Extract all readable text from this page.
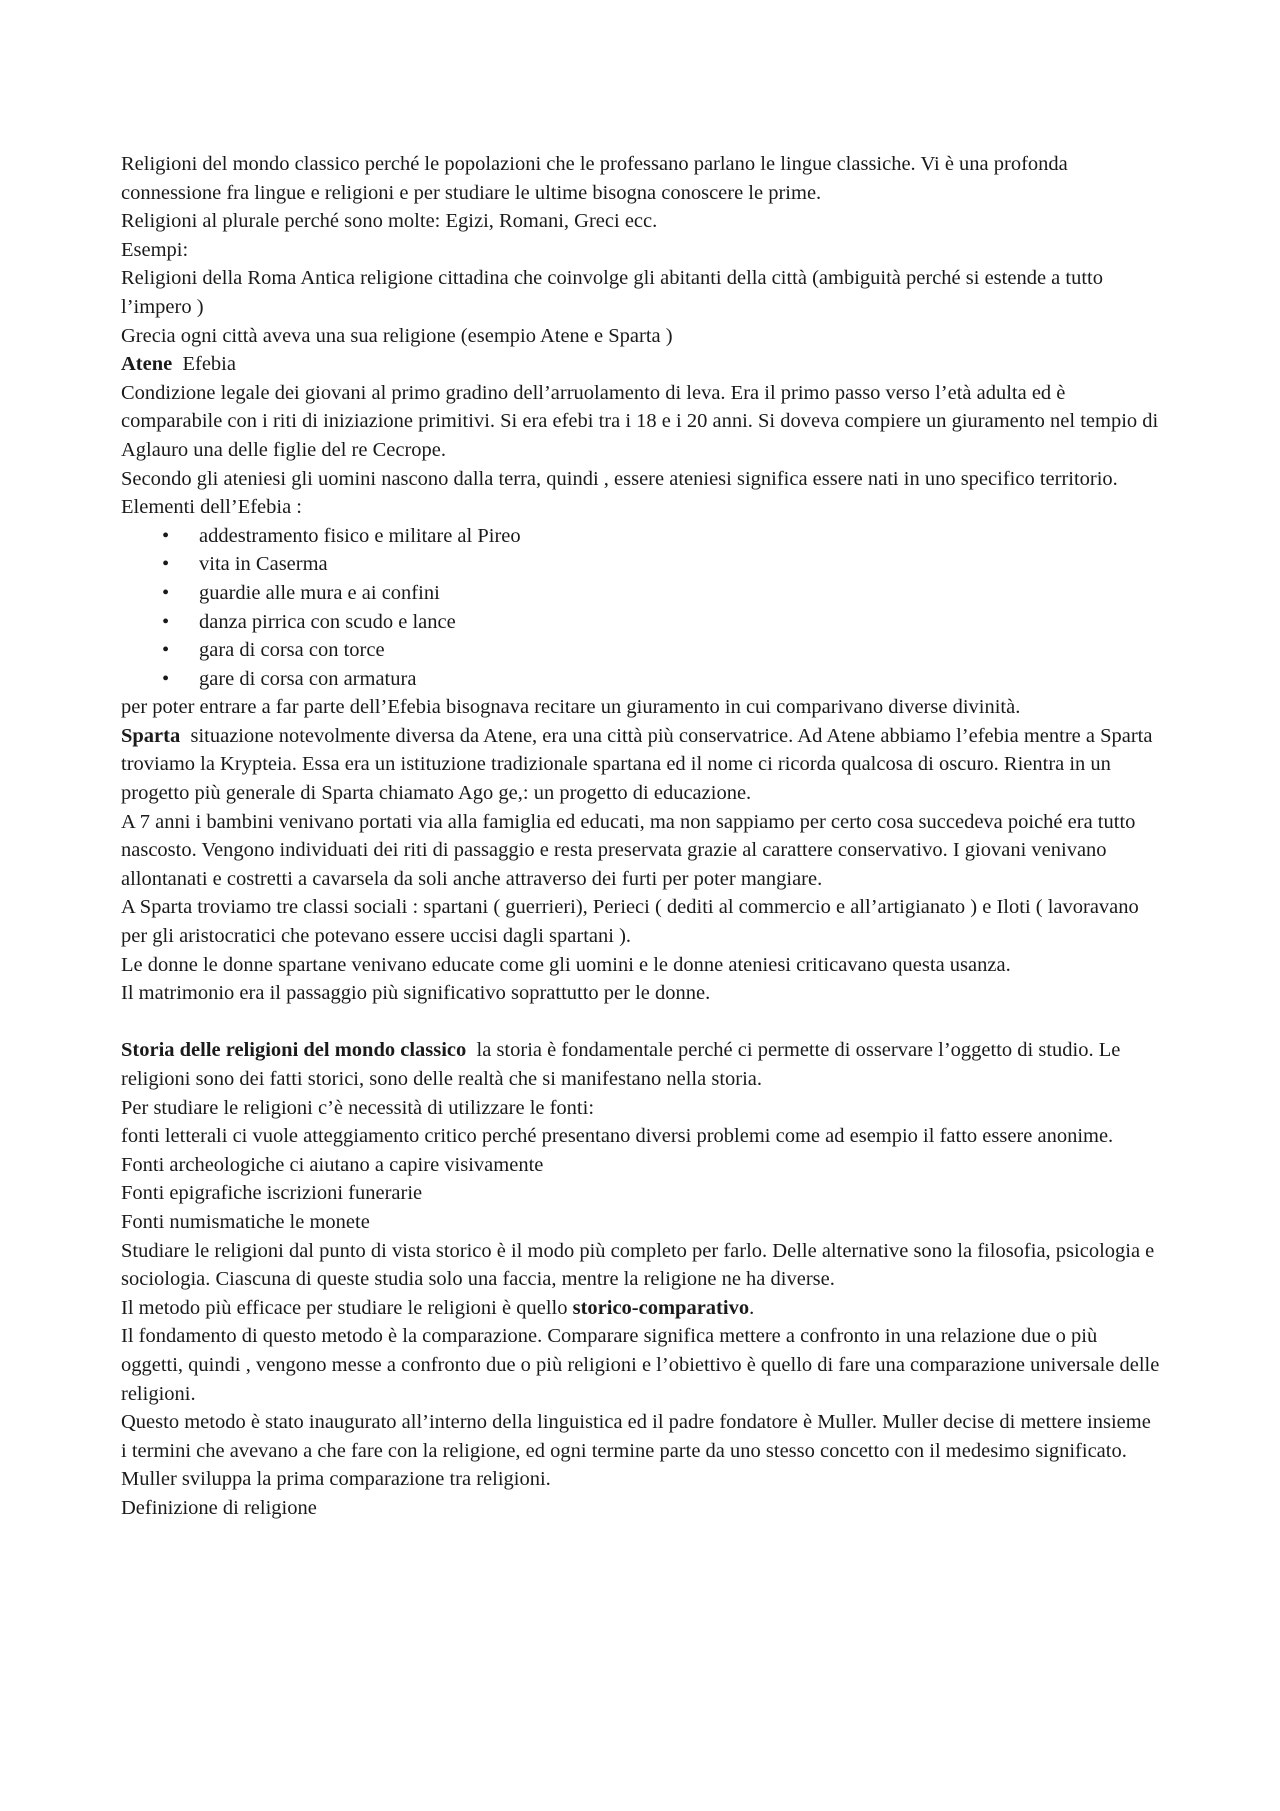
Religioni del mondo classico perché le popolazioni che le professano parlano le lingue classiche. Vi è una profonda connessione fra lingue e religioni e per studiare le ultime bisogna conoscere le prime.

Religioni al plurale perché sono molte: Egizi, Romani, Greci ecc.

Esempi:

Religioni della Roma Antica religione cittadina che coinvolge gli abitanti della città (ambiguità perché si estende a tutto l’impero )

Grecia ogni città aveva una sua religione (esempio Atene e Sparta )

Atene  Efebia

Condizione legale dei giovani al primo gradino dell’arruolamento di leva. Era il primo passo verso l’età adulta ed è comparabile con i riti di iniziazione primitivi. Si era efebi tra i 18 e i 20 anni. Si doveva compiere un giuramento nel tempio di Aglauro una delle figlie del re Cecrope.

Secondo gli ateniesi gli uomini nascono dalla terra, quindi , essere ateniesi significa essere nati in uno specifico territorio.

Elementi dell’Efebia :

• addestramento fisico e militare al Pireo
• vita in Caserma
• guardie alle mura e ai confini
• danza pirrica con scudo e lance
• gara di corsa con torce
• gare di corsa con armatura

per poter entrare a far parte dell’Efebia bisognava recitare un giuramento in cui comparivano diverse divinità.

Sparta  situazione notevolmente diversa da Atene, era una città più conservatrice. Ad Atene abbiamo l’efebia mentre a Sparta troviamo la Krypteia. Essa era un istituzione tradizionale spartana ed il nome ci ricorda qualcosa di oscuro. Rientra in un progetto più generale di Sparta chiamato Ago ge,: un progetto di educazione.

A 7 anni i bambini venivano portati via alla famiglia ed educati, ma non sappiamo per certo cosa succedeva poiché era tutto nascosto. Vengono individuati dei riti di passaggio e resta preservata grazie al carattere conservativo. I giovani venivano allontanati e costretti a cavarsela da soli anche attraverso dei furti per poter mangiare.

A Sparta troviamo tre classi sociali : spartani ( guerrieri), Perieci ( dediti al commercio e all’artigianato ) e Iloti ( lavoravano per gli aristocratici che potevano essere uccisi dagli spartani ).

Le donne le donne spartane venivano educate come gli uomini e le donne ateniesi criticavano questa usanza.

Il matrimonio era il passaggio più significativo soprattutto per le donne.

Storia delle religioni del mondo classico  la storia è fondamentale perché ci permette di osservare l’oggetto di studio. Le religioni sono dei fatti storici, sono delle realtà che si manifestano nella storia.

Per studiare le religioni c’è necessità di utilizzare le fonti:

fonti letterali ci vuole atteggiamento critico perché presentano diversi problemi come ad esempio il fatto essere anonime.

Fonti archeologiche ci aiutano a capire visivamente

Fonti epigrafiche iscrizioni funerarie

Fonti numismatiche le monete

Studiare le religioni dal punto di vista storico è il modo più completo per farlo. Delle alternative sono la filosofia, psicologia e sociologia. Ciascuna di queste studia solo una faccia, mentre la religione ne ha diverse.

Il metodo più efficace per studiare le religioni è quello storico-comparativo.

Il fondamento di questo metodo è la comparazione. Comparare significa mettere a confronto in una relazione due o più oggetti, quindi , vengono messe a confronto due o più religioni e l’obiettivo è quello di fare una comparazione universale delle religioni.

Questo metodo è stato inaugurato all’interno della linguistica ed il padre fondatore è Muller. Muller decise di mettere insieme i termini che avevano a che fare con la religione, ed ogni termine parte da uno stesso concetto con il medesimo significato. Muller sviluppa la prima comparazione tra religioni.

Definizione di religione
